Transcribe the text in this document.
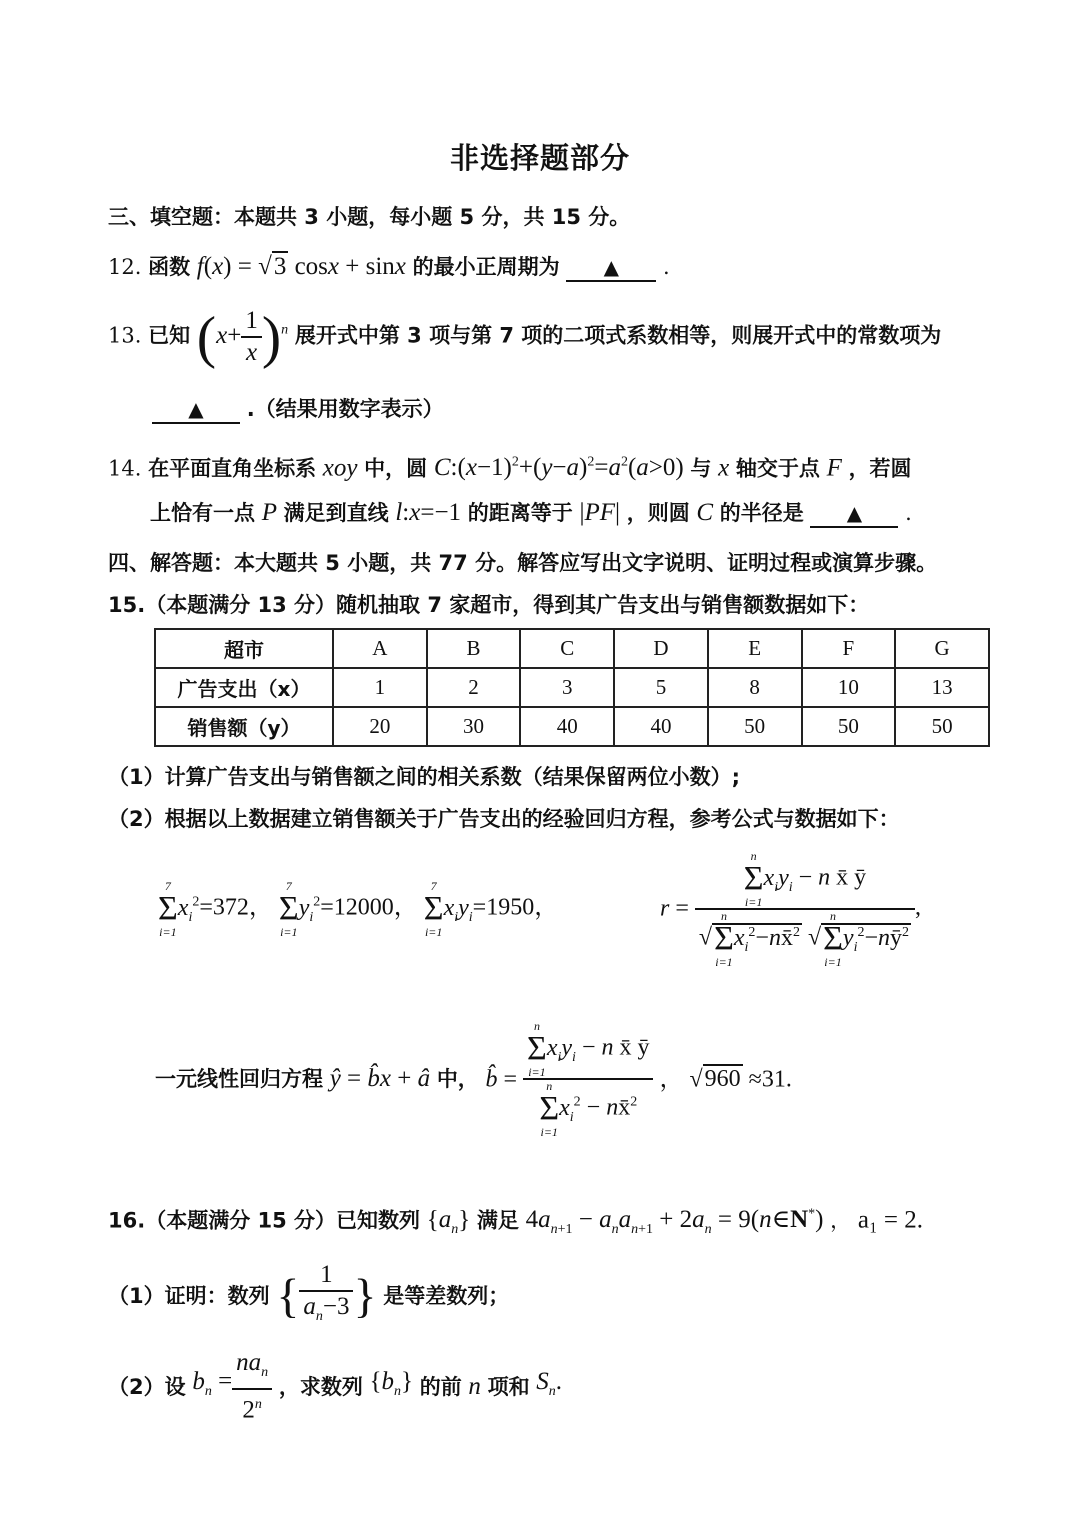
非选择题部分
三、填空题：本题共 3 小题，每小题 5 分，共 15 分。
12. 函数 f(x) = √3 cosx + sinx 的最小正周期为 ▲ .
13. 已知 $(x+ \frac{1}{x} )^n$ 展开式中第 3 项与第 7 项的二项式系数相等，则展开式中的常数项为
▲ .（结果用数字表示）
14. 在平面直角坐标系 xoy 中，圆 $C:(x-1)^2+(y-a)^2=a^2(a>0)$ 与 x 轴交于点 F ，若圆
上恰有一点 P 满足到直线 l:x=−1 的距离等于 |PF| ，则圆 C 的半径是 ▲ .
四、解答题：本大题共 5 小题，共 77 分。解答应写出文字说明、证明过程或演算步骤。
15.（本题满分 13 分）随机抽取 7 家超市，得到其广告支出与销售额数据如下：
超市	A	B	C	D	E	F	G
广告支出（x）	1	2	3	5	8	10	13
销售额（y）	20	30	40	40	50	50	50
（1）计算广告支出与销售额之间的相关系数（结果保留两位小数）;
（2）根据以上数据建立销售额关于广告支出的经验回归方程，参考公式与数据如下：
7
Σ
i=1
$x_i^2=372$，
7
Σ
i=1
$y_i^2=12000$，
7
Σ
i=1
$x_iy_i=1950$，	r = n
Σ
i=1
$x_iy_i - n$ x̄ ȳ
√
n
Σ
i=1
$x_i^2-nx̄^2$ √
n
Σ
i=1
$y_i^2-nȳ^2$ ,
一元线性回归方程 ŷ = b̂x + â 中， b̂ = n
Σ
i=1
$x_iy_i - n$ x̄ ȳ
n
Σ
i=1
$x_i^2$ − nx̄$^2$ ， √960 ≈31.
16.（本题满分 15 分）已知数列 $\{a_n\}$ 满足 $4a_{n+1} - a_na_{n+1} + 2a_n$ = 9(n∈N*) ， a₁ = 2.
（1）证明：数列 { $\frac{1}{a_n-3}$ } 是等差数列；
（2）设 $b_n = \frac{na_n}{2^n}$ ，求数列 $\{b_n\}$ 的前 n 项和 $S_n$.
